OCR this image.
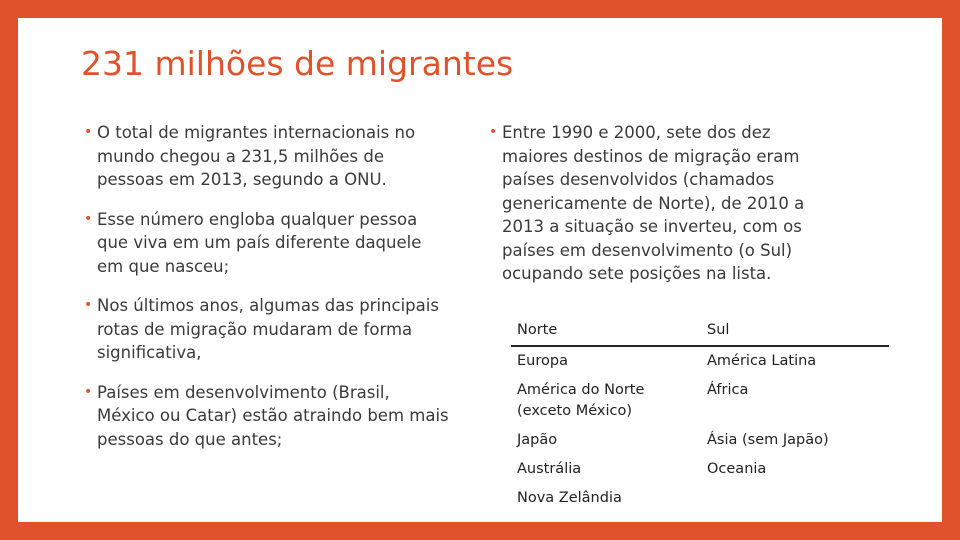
231 milhões de migrantes
• O total de migrantes internacionais no mundo chegou a 231,5 milhões de pessoas em 2013, segundo a ONU.
• Esse número engloba qualquer pessoa que viva em um país diferente daquele em que nasceu;
• Nos últimos anos, algumas das principais rotas de migração mudaram de forma significativa,
• Países em desenvolvimento (Brasil, México ou Catar) estão atraindo bem mais pessoas do que antes;
• Entre 1990 e 2000, sete dos dez maiores destinos de migração eram países desenvolvidos (chamados genericamente de Norte), de 2010 a 2013 a situação se inverteu, com os países em desenvolvimento (o Sul) ocupando sete posições na lista.
Norte	Sul
Europa	América Latina
América do Norte (exceto México)	África
Japão	Ásia (sem Japão)
Austrália	Oceania
Nova Zelândia	
